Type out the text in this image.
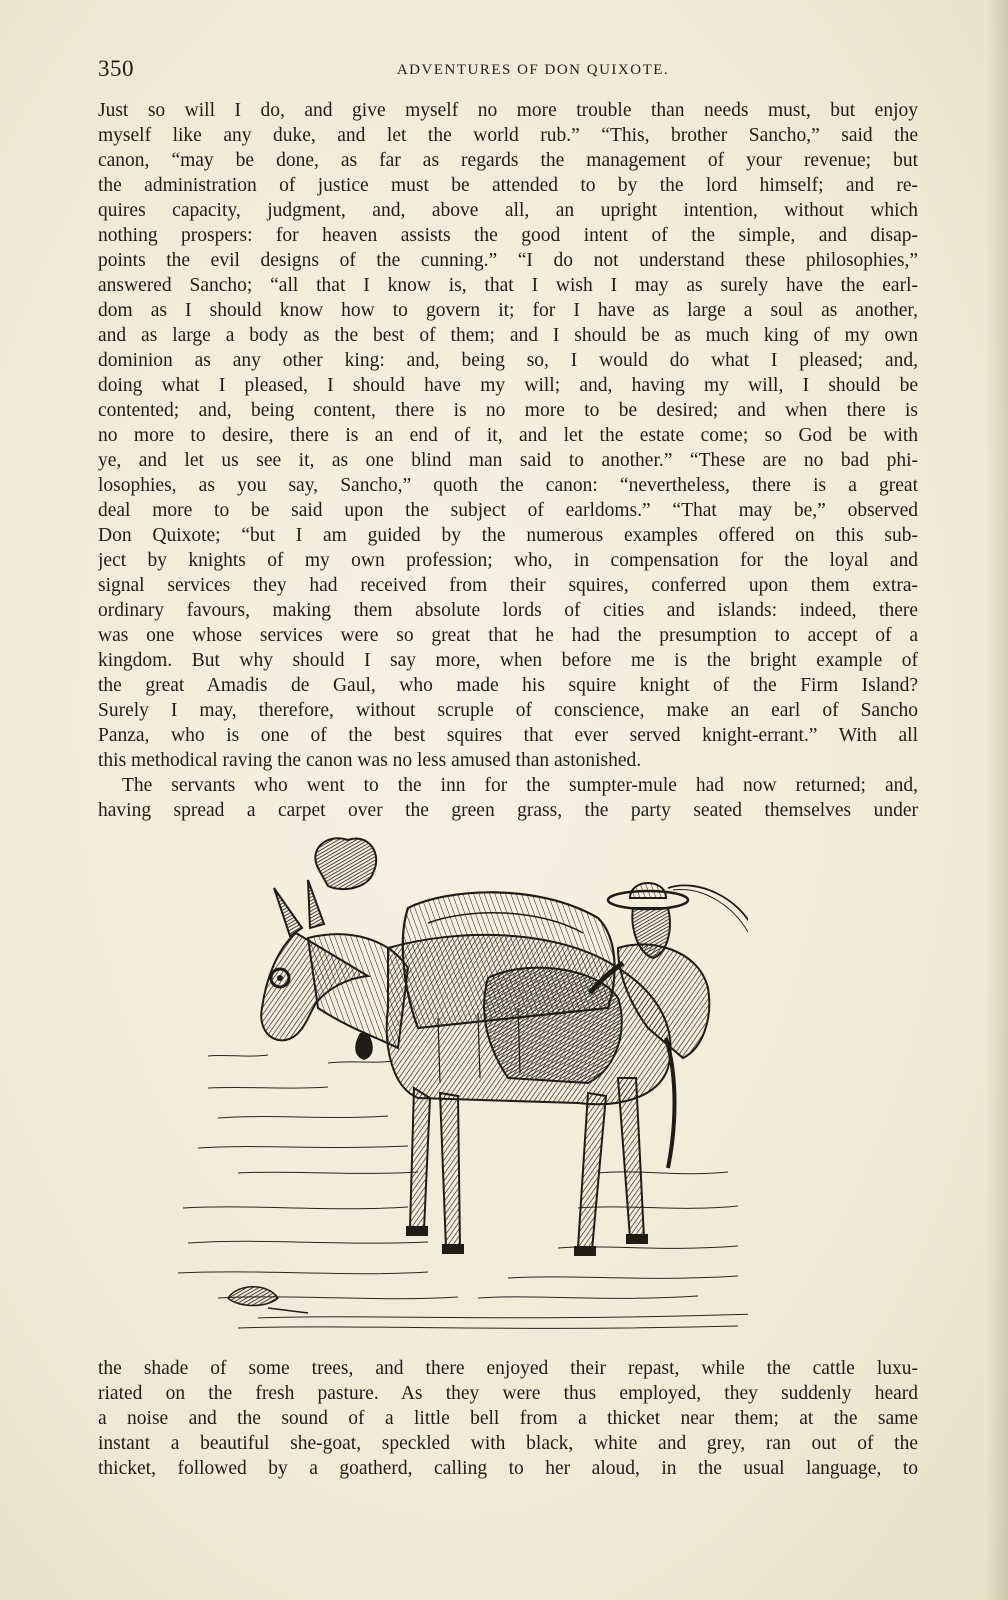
350	ADVENTURES OF DON QUIXOTE.
Just so will I do, and give myself no more trouble than needs must, but enjoy
myself like any duke, and let the world rub.” “This, brother Sancho,” said the
canon, “may be done, as far as regards the management of your revenue; but
the administration of justice must be attended to by the lord himself; and re-
quires capacity, judgment, and, above all, an upright intention, without which
nothing prospers: for heaven assists the good intent of the simple, and disap-
points the evil designs of the cunning.” “I do not understand these philosophies,”
answered Sancho; “all that I know is, that I wish I may as surely have the earl-
dom as I should know how to govern it; for I have as large a soul as another,
and as large a body as the best of them; and I should be as much king of my own
dominion as any other king: and, being so, I would do what I pleased; and,
doing what I pleased, I should have my will; and, having my will, I should be
contented; and, being content, there is no more to be desired; and when there is
no more to desire, there is an end of it, and let the estate come; so God be with
ye, and let us see it, as one blind man said to another.” “These are no bad phi-
losophies, as you say, Sancho,” quoth the canon: “nevertheless, there is a great
deal more to be said upon the subject of earldoms.” “That may be,” observed
Don Quixote; “but I am guided by the numerous examples offered on this sub-
ject by knights of my own profession; who, in compensation for the loyal and
signal services they had received from their squires, conferred upon them extra-
ordinary favours, making them absolute lords of cities and islands: indeed, there
was one whose services were so great that he had the presumption to accept of a
kingdom. But why should I say more, when before me is the bright example of
the great Amadis de Gaul, who made his squire knight of the Firm Island?
Surely I may, therefore, without scruple of conscience, make an earl of Sancho
Panza, who is one of the best squires that ever served knight-errant.” With all
this methodical raving the canon was no less amused than astonished.
The servants who went to the inn for the sumpter-mule had now returned; and,
having spread a carpet over the green grass, the party seated themselves under
the shade of some trees, and there enjoyed their repast, while the cattle luxu-
riated on the fresh pasture. As they were thus employed, they suddenly heard
a noise and the sound of a little bell from a thicket near them; at the same
instant a beautiful she-goat, speckled with black, white and grey, ran out of the
thicket, followed by a goatherd, calling to her aloud, in the usual language, to
